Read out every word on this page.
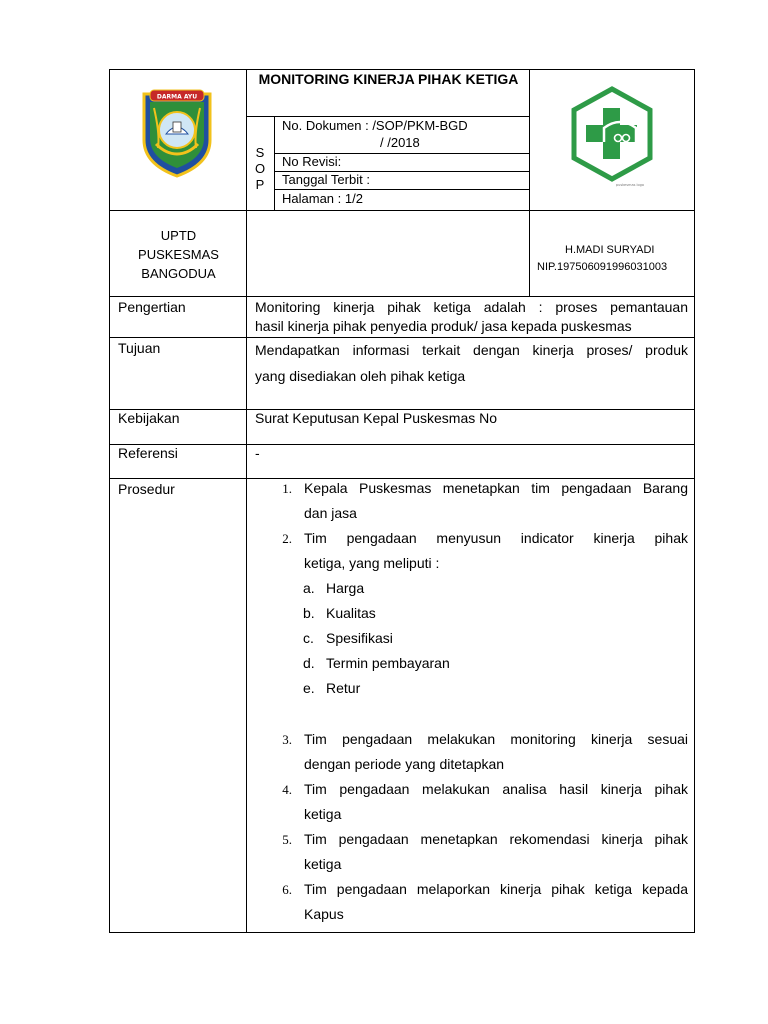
DARMA AYU
MONITORING KINERJA PIHAK KETIGA
S
O
P
No. Dokumen : /SOP/PKM-BGD
/ /2018
No Revisi:
Tanggal Terbit :
Halaman : 1/2
puskesmas logo
UPTD
PUSKESMAS
BANGODUA
H.MADI SURYADI
NIP.197506091996031003
Pengertian	Monitoring kinerja pihak ketiga adalah : proses pemantauan
hasil kinerja pihak penyedia produk/ jasa kepada puskesmas
Tujuan	Mendapatkan informasi terkait dengan kinerja proses/ produk
yang disediakan oleh pihak ketiga
Kebijakan	Surat Keputusan Kepal Puskesmas No
Referensi	-
Prosedur	1. Kepala Puskesmas menetapkan tim pengadaan Barang
dan jasa
2. Tim pengadaan menyusun indicator kinerja pihak
ketiga, yang meliputi :
a. Harga
b. Kualitas
c. Spesifikasi
d. Termin pembayaran
e. Retur
3. Tim pengadaan melakukan monitoring kinerja sesuai
dengan periode yang ditetapkan
4. Tim pengadaan melakukan analisa hasil kinerja pihak
ketiga
5. Tim pengadaan menetapkan rekomendasi kinerja pihak
ketiga
6. Tim pengadaan melaporkan kinerja pihak ketiga kepada
Kapus
